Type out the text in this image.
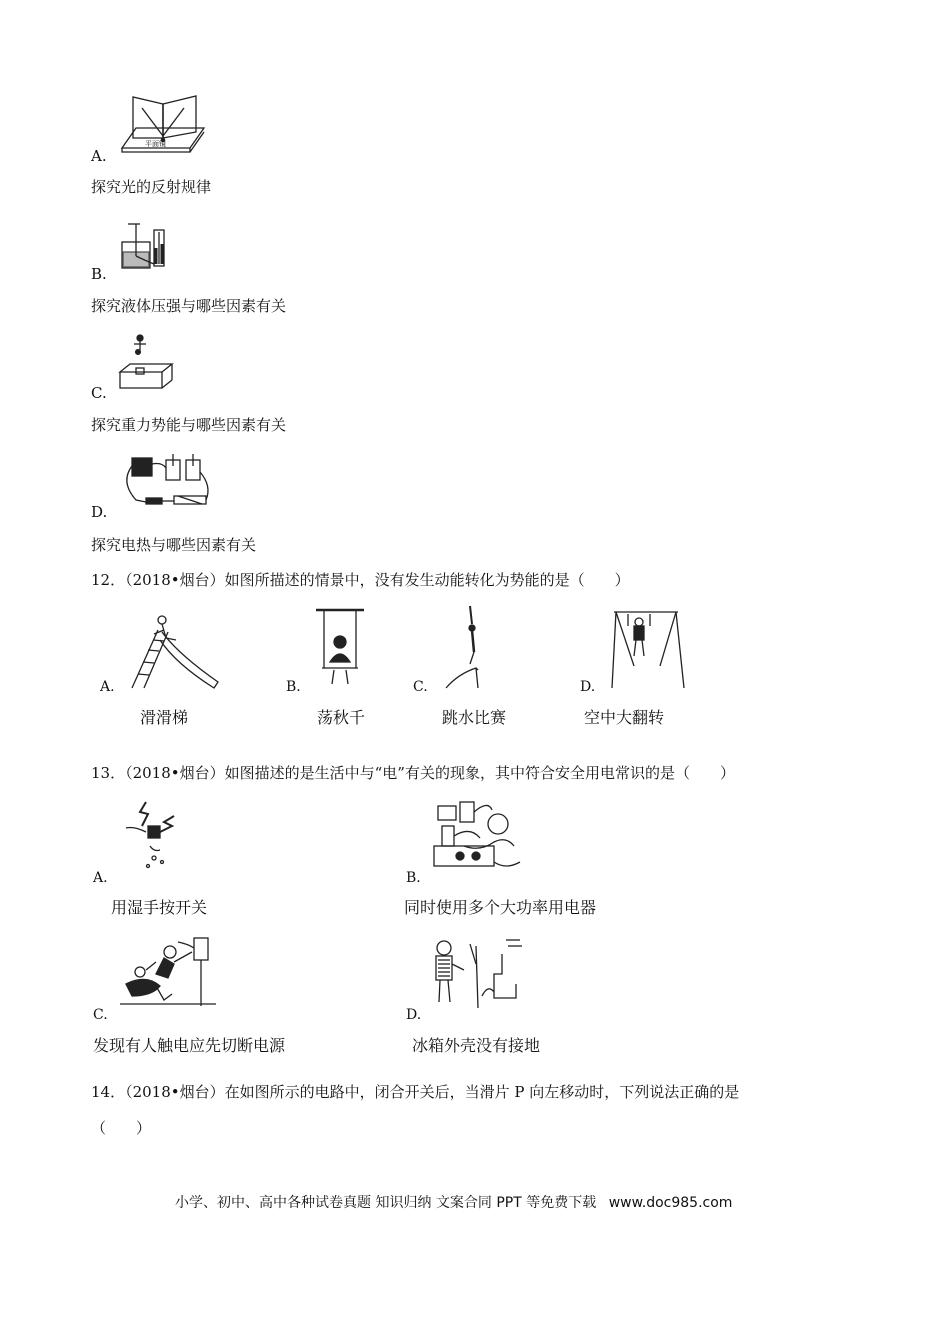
平面镜
A.
探究光的反射规律
B.
探究液体压强与哪些因素有关
C.
探究重力势能与哪些因素有关
D.
探究电热与哪些因素有关
12．（2018•烟台）如图所描述的情景中，没有发生动能转化为势能的是（　　）
A.
滑滑梯
B.
荡秋千
C.
跳水比赛
D.
空中大翻转
13．（2018•烟台）如图描述的是生活中与“电”有关的现象，其中符合安全用电常识的是（　　）
A.
用湿手按开关
B.
同时使用多个大功率用电器
C.
发现有人触电应先切断电源
D.
冰箱外壳没有接地
14．（2018•烟台）在如图所示的电路中，闭合开关后，当滑片 P 向左移动时，下列说法正确的是
（　　）
小学、初中、高中各种试卷真题 知识归纳 文案合同 PPT 等免费下载 www.doc985.com
